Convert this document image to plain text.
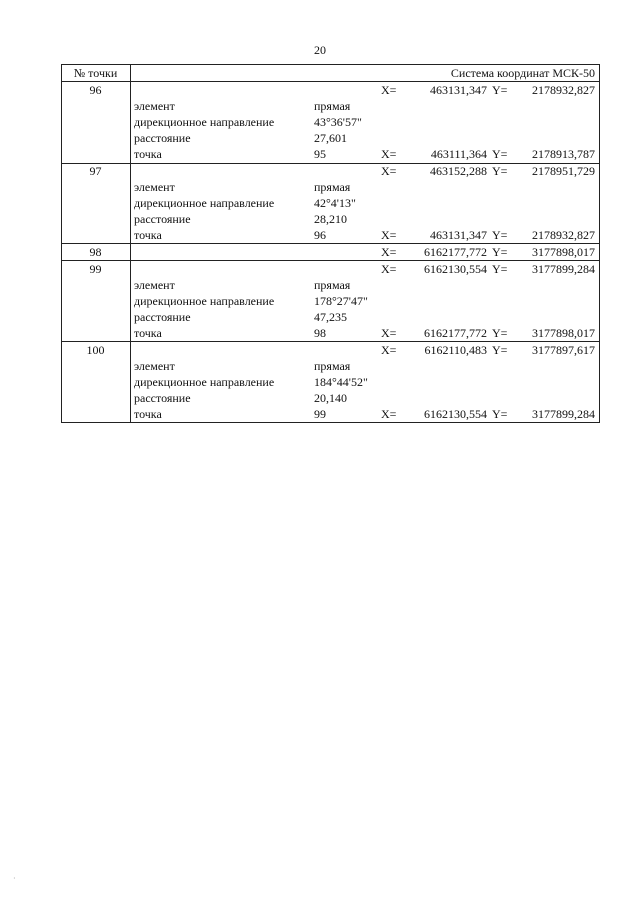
20
№ точки	Система координат МСК-50
96	X=	463131,347 Y=	2178932,827
элемент	прямая
дирекционное направление	43°36'57"
расстояние	27,601
точка	95	X=	463111,364 Y=	2178913,787
97	X=	463152,288 Y=	2178951,729
элемент	прямая
дирекционное направление	42°4'13"
расстояние	28,210
точка	96	X=	463131,347 Y=	2178932,827
98	X=	6162177,772 Y=	3177898,017
99	X=	6162130,554 Y=	3177899,284
элемент	прямая
дирекционное направление	178°27'47"
расстояние	47,235
точка	98	X=	6162177,772 Y=	3177898,017
100	X=	6162110,483 Y=	3177897,617
элемент	прямая
дирекционное направление	184°44'52"
расстояние	20,140
точка	99	X=	6162130,554 Y=	3177899,284
·
